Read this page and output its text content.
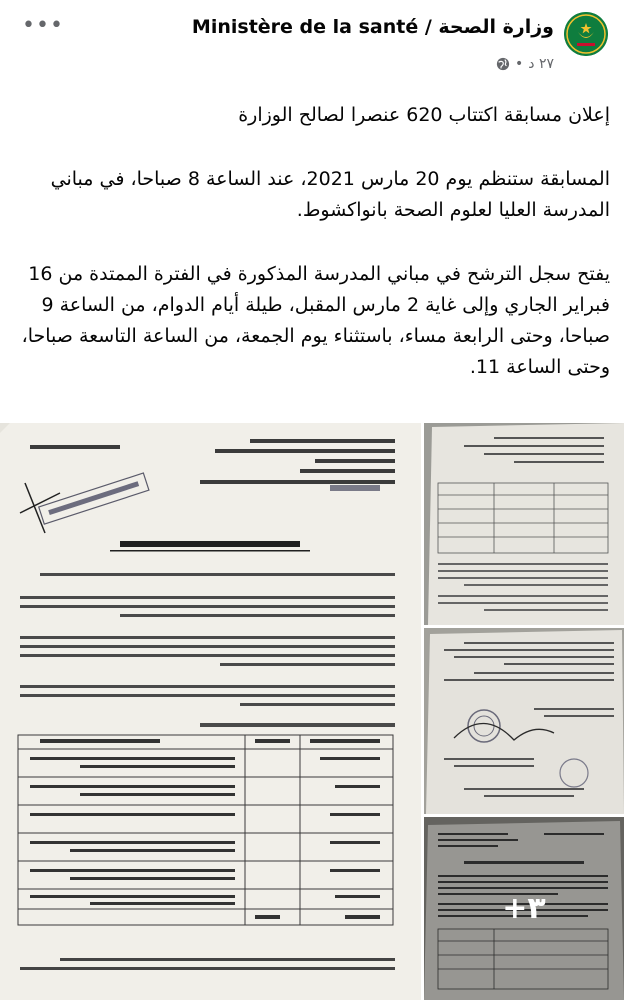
Ministère de la santé / وزارة الصحة
• ٢٧ د
•••

إعلان مسابقة اكتتاب 620 عنصرا لصالح الوزارة

المسابقة ستنظم يوم 20 مارس 2021، عند الساعة 8 صباحا، في مباني المدرسة العليا لعلوم الصحة بانواكشوط.

يفتح سجل الترشح في مباني المدرسة المذكورة في الفترة الممتدة من 16 فبراير الجاري وإلى غاية 2 مارس المقبل، طيلة أيام الدوام، من الساعة 9 صباحا، وحتى الرابعة مساء، باستثناء يوم الجمعة، من الساعة التاسعة صباحا، وحتى الساعة 11.

+٣
